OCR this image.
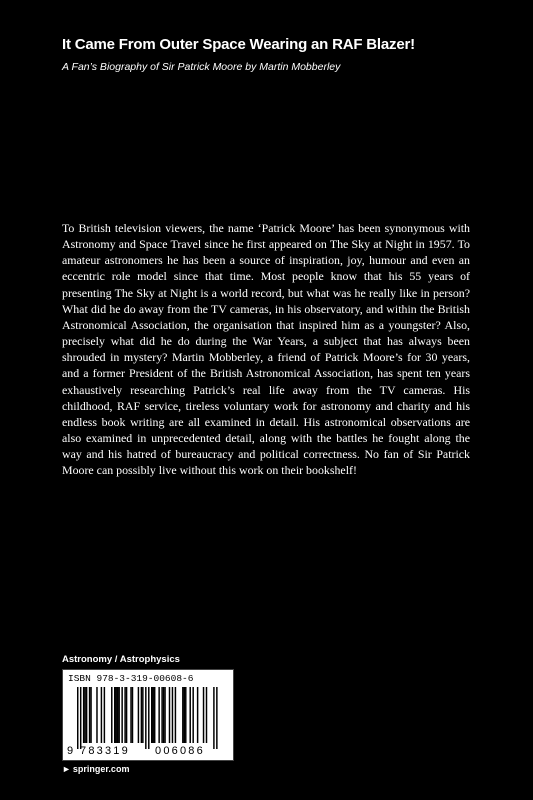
It Came From Outer Space Wearing an RAF Blazer!
A Fan’s Biography of Sir Patrick Moore by Martin Mobberley
To British television viewers, the name ‘Patrick Moore’ has been synonymous with Astronomy and Space Travel since he first appeared on The Sky at Night in 1957. To amateur astronomers he has been a source of inspiration, joy, humour and even an eccentric role model since that time. Most people know that his 55 years of presenting The Sky at Night is a world record, but what was he really like in person? What did he do away from the TV cameras, in his observatory, and within the British Astronomical Association, the organisation that inspired him as a youngster? Also, precisely what did he do during the War Years, a subject that has always been shrouded in mystery? Martin Mobberley, a friend of Patrick Moore’s for 30 years, and a former President of the British Astronomical Association, has spent ten years exhaustively researching Patrick’s real life away from the TV cameras. His childhood, RAF service, tireless voluntary work for astronomy and charity and his endless book writing are all examined in detail. His astronomical observations are also examined in unprecedented detail, along with the battles he fought along the way and his hatred of bureaucracy and political correctness. No fan of Sir Patrick Moore can possibly live without this work on their bookshelf!
Astronomy / Astrophysics
ISBN 978-3-319-00608-6
9 783319 006086
► springer.com
